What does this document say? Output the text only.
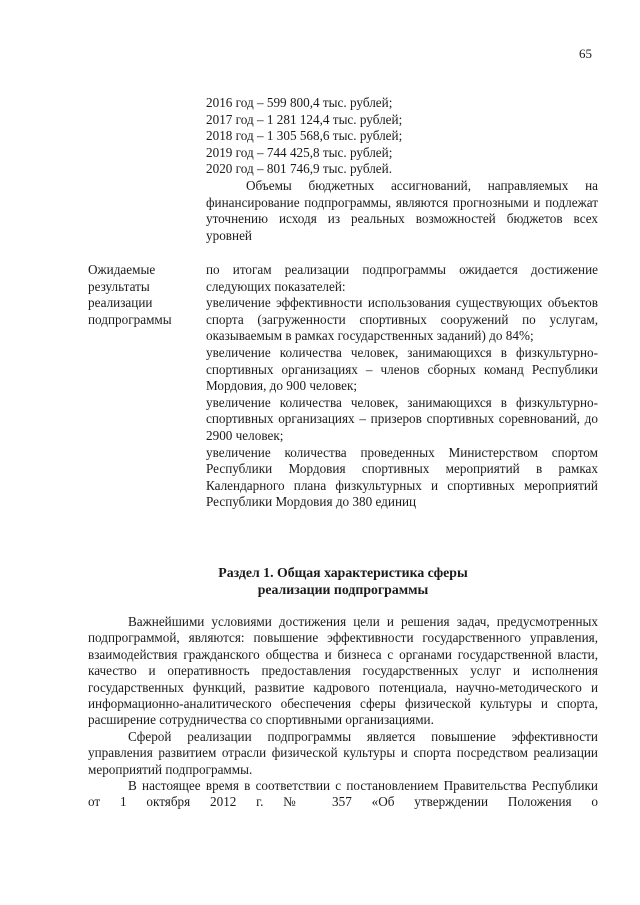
65
2016 год – 599 800,4 тыс. рублей;
2017 год – 1 281 124,4 тыс. рублей;
2018 год – 1 305 568,6 тыс. рублей;
2019 год – 744 425,8 тыс. рублей;
2020 год – 801 746,9 тыс. рублей.
Объемы бюджетных ассигнований, направляемых на финансирование подпрограммы, являются прогнозными и подлежат уточнению исходя из реальных возможностей бюджетов всех уровней
Ожидаемые результаты реализации подпрограммы

по итогам реализации подпрограммы ожидается достижение следующих показателей:

увеличение эффективности использования существующих объектов спорта (загруженности спортивных сооружений по услугам, оказываемым в рамках государственных заданий) до 84%;

увеличение количества человек, занимающихся в физкультурно-спортивных организациях – членов сборных команд Республики Мордовия, до 900 человек;

увеличение количества человек, занимающихся в физкультурно-спортивных организациях – призеров спортивных соревнований, до 2900 человек;

увеличение количества проведенных Министерством спортом Республики Мордовия спортивных мероприятий в рамках Календарного плана физкультурных и спортивных мероприятий Республики Мордовия до 380 единиц

Раздел 1. Общая характеристика сферы
реализации подпрограммы

Важнейшими условиями достижения цели и решения задач, предусмотренных подпрограммой, являются: повышение эффективности государственного управления, взаимодействия гражданского общества и бизнеса с органами государственной власти, качество и оперативность предоставления государственных услуг и исполнения государственных функций, развитие кадрового потенциала, научно-методического и информационно-аналитического обеспечения сферы физической культуры и спорта, расширение сотрудничества со спортивными организациями.

Сферой реализации подпрограммы является повышение эффективности управления развитием отрасли физической культуры и спорта посредством реализации мероприятий подпрограммы.

В настоящее время в соответствии с постановлением Правительства Республики от 1 октября 2012 г. № 357 «Об утверждении Положения о
